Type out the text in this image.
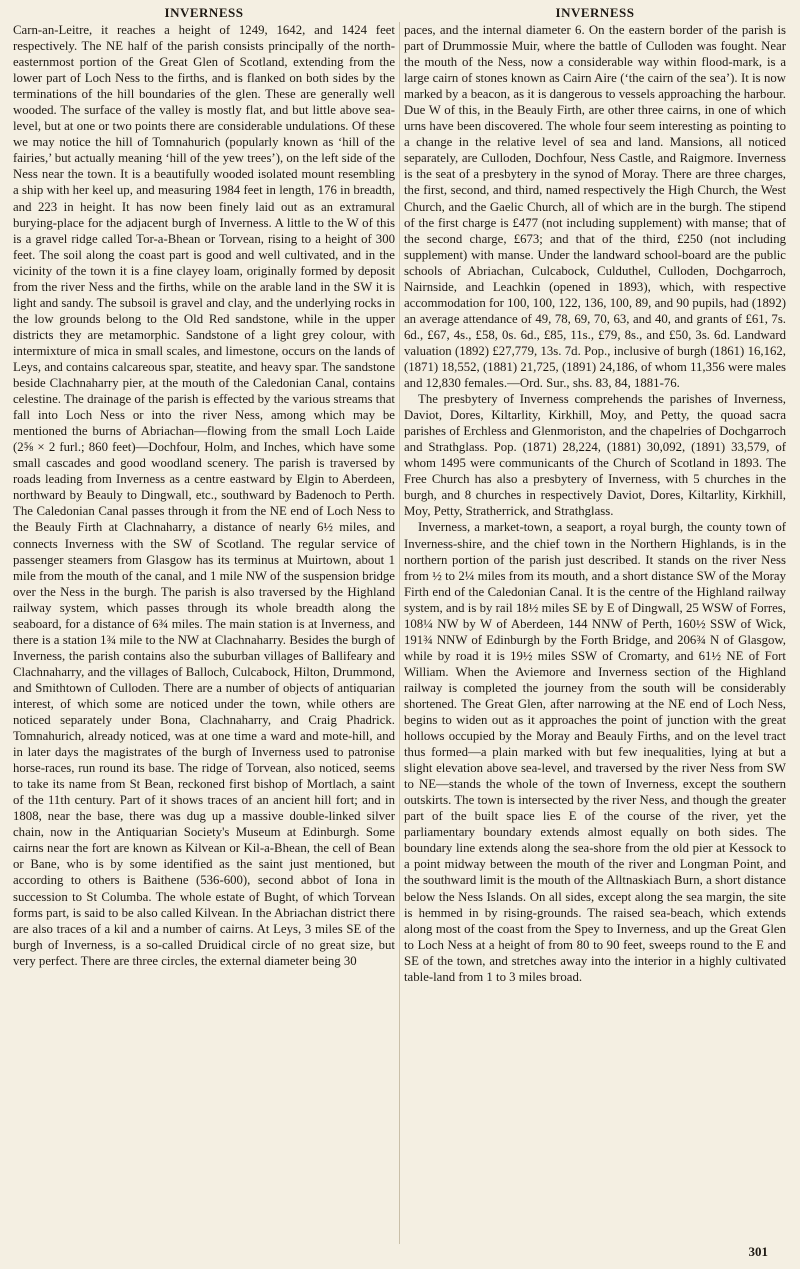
INVERNESS

Carn-an-Leitre, it reaches a height of 1249, 1642, and 1424 feet respectively. The NE half of the parish consists principally of the north-easternmost portion of the Great Glen of Scotland, extending from the lower part of Loch Ness to the firths, and is flanked on both sides by the terminations of the hill boundaries of the glen. These are generally well wooded. The surface of the valley is mostly flat, and but little above sea-level, but at one or two points there are considerable undulations. Of these we may notice the hill of Tomnahurich (popularly known as ‘hill of the fairies,’ but actually meaning ‘hill of the yew trees’), on the left side of the Ness near the town. It is a beautifully wooded isolated mount resembling a ship with her keel up, and measuring 1984 feet in length, 176 in breadth, and 223 in height. It has now been finely laid out as an extramural burying-place for the adjacent burgh of Inverness. A little to the W of this is a gravel ridge called Tor-a-Bhean or Torvean, rising to a height of 300 feet. The soil along the coast part is good and well cultivated, and in the vicinity of the town it is a fine clayey loam, originally formed by deposit from the river Ness and the firths, while on the arable land in the SW it is light and sandy. The subsoil is gravel and clay, and the underlying rocks in the low grounds belong to the Old Red sandstone, while in the upper districts they are metamorphic. Sandstone of a light grey colour, with intermixture of mica in small scales, and limestone, occurs on the lands of Leys, and contains calcareous spar, steatite, and heavy spar. The sandstone beside Clachnaharry pier, at the mouth of the Caledonian Canal, contains celestine. The drainage of the parish is effected by the various streams that fall into Loch Ness or into the river Ness, among which may be mentioned the burns of Abriachan—flowing from the small Loch Laide (2⅝ × 2 furl.; 860 feet)—Dochfour, Holm, and Inches, which have some small cascades and good woodland scenery. The parish is traversed by roads leading from Inverness as a centre eastward by Elgin to Aberdeen, northward by Beauly to Dingwall, etc., southward by Badenoch to Perth. The Caledonian Canal passes through it from the NE end of Loch Ness to the Beauly Firth at Clachnaharry, a distance of nearly 6½ miles, and connects Inverness with the SW of Scotland. The regular service of passenger steamers from Glasgow has its terminus at Muirtown, about 1 mile from the mouth of the canal, and 1 mile NW of the suspension bridge over the Ness in the burgh. The parish is also traversed by the Highland railway system, which passes through its whole breadth along the seaboard, for a distance of 6¾ miles. The main station is at Inverness, and there is a station 1¾ mile to the NW at Clachnaharry. Besides the burgh of Inverness, the parish contains also the suburban villages of Ballifeary and Clachnaharry, and the villages of Balloch, Culcabock, Hilton, Drummond, and Smithtown of Culloden. There are a number of objects of antiquarian interest, of which some are noticed under the town, while others are noticed separately under Bona, Clachnaharry, and Craig Phadrick. Tomnahurich, already noticed, was at one time a ward and mote-hill, and in later days the magistrates of the burgh of Inverness used to patronise horse-races, run round its base. The ridge of Torvean, also noticed, seems to take its name from St Bean, reckoned first bishop of Mortlach, a saint of the 11th century. Part of it shows traces of an ancient hill fort; and in 1808, near the base, there was dug up a massive double-linked silver chain, now in the Antiquarian Society's Museum at Edinburgh. Some cairns near the fort are known as Kilvean or Kil-a-Bhean, the cell of Bean or Bane, who is by some identified as the saint just mentioned, but according to others is Baithene (536-600), second abbot of Iona in succession to St Columba. The whole estate of Bught, of which Torvean forms part, is said to be also called Kilvean. In the Abriachan district there are also traces of a kil and a number of cairns. At Leys, 3 miles SE of the burgh of Inverness, is a so-called Druidical circle of no great size, but very perfect. There are three circles, the external diameter being 30

INVERNESS

paces, and the internal diameter 6. On the eastern border of the parish is part of Drummossie Muir, where the battle of Culloden was fought. Near the mouth of the Ness, now a considerable way within flood-mark, is a large cairn of stones known as Cairn Aire (‘the cairn of the sea’). It is now marked by a beacon, as it is dangerous to vessels approaching the harbour. Due W of this, in the Beauly Firth, are other three cairns, in one of which urns have been discovered. The whole four seem interesting as pointing to a change in the relative level of sea and land. Mansions, all noticed separately, are Culloden, Dochfour, Ness Castle, and Raigmore. Inverness is the seat of a presbytery in the synod of Moray. There are three charges, the first, second, and third, named respectively the High Church, the West Church, and the Gaelic Church, all of which are in the burgh. The stipend of the first charge is £477 (not including supplement) with manse; that of the second charge, £673; and that of the third, £250 (not including supplement) with manse. Under the landward school-board are the public schools of Abriachan, Culcabock, Culduthel, Culloden, Dochgarroch, Nairnside, and Leachkin (opened in 1893), which, with respective accommodation for 100, 100, 122, 136, 100, 89, and 90 pupils, had (1892) an average attendance of 49, 78, 69, 70, 63, and 40, and grants of £61, 7s. 6d., £67, 4s., £58, 0s. 6d., £85, 11s., £79, 8s., and £50, 3s. 6d. Landward valuation (1892) £27,779, 13s. 7d. Pop., inclusive of burgh (1861) 16,162, (1871) 18,552, (1881) 21,725, (1891) 24,186, of whom 11,356 were males and 12,830 females.—Ord. Sur., shs. 83, 84, 1881-76.

The presbytery of Inverness comprehends the parishes of Inverness, Daviot, Dores, Kiltarlity, Kirkhill, Moy, and Petty, the quoad sacra parishes of Erchless and Glenmoriston, and the chapelries of Dochgarroch and Strathglass. Pop. (1871) 28,224, (1881) 30,092, (1891) 33,579, of whom 1495 were communicants of the Church of Scotland in 1893. The Free Church has also a presbytery of Inverness, with 5 churches in the burgh, and 8 churches in respectively Daviot, Dores, Kiltarlity, Kirkhill, Moy, Petty, Stratherrick, and Strathglass.

Inverness, a market-town, a seaport, a royal burgh, the county town of Inverness-shire, and the chief town in the Northern Highlands, is in the northern portion of the parish just described. It stands on the river Ness from ½ to 2¼ miles from its mouth, and a short distance SW of the Moray Firth end of the Caledonian Canal. It is the centre of the Highland railway system, and is by rail 18½ miles SE by E of Dingwall, 25 WSW of Forres, 108¼ NW by W of Aberdeen, 144 NNW of Perth, 160½ SSW of Wick, 191¾ NNW of Edinburgh by the Forth Bridge, and 206¾ N of Glasgow, while by road it is 19½ miles SSW of Cromarty, and 61½ NE of Fort William. When the Aviemore and Inverness section of the Highland railway is completed the journey from the south will be considerably shortened. The Great Glen, after narrowing at the NE end of Loch Ness, begins to widen out as it approaches the point of junction with the great hollows occupied by the Moray and Beauly Firths, and on the level tract thus formed—a plain marked with but few inequalities, lying at but a slight elevation above sea-level, and traversed by the river Ness from SW to NE—stands the whole of the town of Inverness, except the southern outskirts. The town is intersected by the river Ness, and though the greater part of the built space lies E of the course of the river, yet the parliamentary boundary extends almost equally on both sides. The boundary line extends along the sea-shore from the old pier at Kessock to a point midway between the mouth of the river and Longman Point, and the southward limit is the mouth of the Alltnaskiach Burn, a short distance below the Ness Islands. On all sides, except along the sea margin, the site is hemmed in by rising-grounds. The raised sea-beach, which extends along most of the coast from the Spey to Inverness, and up the Great Glen to Loch Ness at a height of from 80 to 90 feet, sweeps round to the E and SE of the town, and stretches away into the interior in a highly cultivated table-land from 1 to 3 miles broad.

301
